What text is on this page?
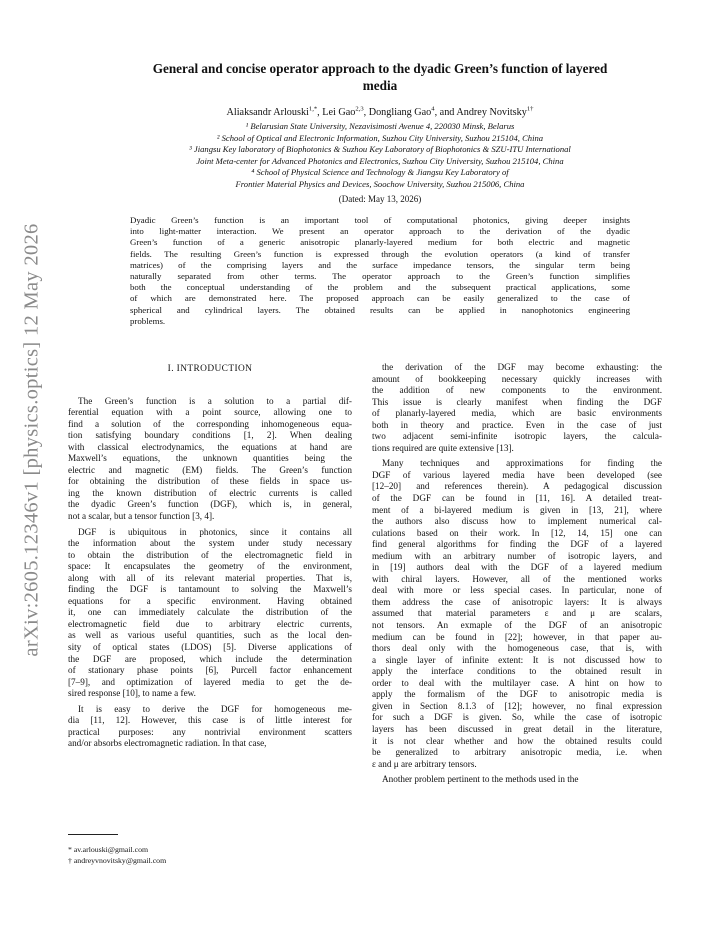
arXiv:2605.12346v1 [physics.optics] 12 May 2026
General and concise operator approach to the dyadic Green’s function of layered
media
Aliaksandr Arlouski$^{1,*}$, Lei Gao$^{2,3}$, Dongliang Gao$^4$, and Andrey Novitsky$^{1\dagger}$

¹ Belarusian State University, Nezavisimosti Avenue 4, 220030 Minsk, Belarus

² School of Optical and Electronic Information, Suzhou City University, Suzhou 215104, China

³ Jiangsu Key laboratory of Biophotonics & Suzhou Key Laboratory of Biophotonics & SZU-ITU International

Joint Meta-center for Advanced Photonics and Electronics, Suzhou City University, Suzhou 215104, China

⁴ School of Physical Science and Technology & Jiangsu Key Laboratory of

Frontier Material Physics and Devices, Soochow University, Suzhou 215006, China

(Dated: May 13, 2026)
Dyadic Green’s function is an important tool of computational photonics, giving deeper insights
into light-matter interaction. We present an operator approach to the derivation of the dyadic
Green’s function of a generic anisotropic planarly-layered medium for both electric and magnetic
fields. The resulting Green’s function is expressed through the evolution operators (a kind of transfer
matrices) of the comprising layers and the surface impedance tensors, the singular term being
naturally separated from other terms. The operator approach to the Green’s function simplifies
both the conceptual understanding of the problem and the subsequent practical applications, some
of which are demonstrated here. The proposed approach can be easily generalized to the case of
spherical and cylindrical layers. The obtained results can be applied in nanophotonics engineering
problems.
I. INTRODUCTION
The Green’s function is a solution to a partial dif-
ferential equation with a point source, allowing one to
find a solution of the corresponding inhomogeneous equa-
tion satisfying boundary conditions [1, 2]. When dealing
with classical electrodynamics, the equations at hand are
Maxwell’s equations, the unknown quantities being the
electric and magnetic (EM) fields. The Green’s function
for obtaining the distribution of these fields in space us-
ing the known distribution of electric currents is called
the dyadic Green’s function (DGF), which is, in general,
not a scalar, but a tensor function [3, 4].
DGF is ubiquitous in photonics, since it contains all
the information about the system under study necessary
to obtain the distribution of the electromagnetic field in
space: It encapsulates the geometry of the environment,
along with all of its relevant material properties. That is,
finding the DGF is tantamount to solving the Maxwell’s
equations for a specific environment. Having obtained
it, one can immediately calculate the distribution of the
electromagnetic field due to arbitrary electric currents,
as well as various useful quantities, such as the local den-
sity of optical states (LDOS) [5]. Diverse applications of
the DGF are proposed, which include the determination
of stationary phase points [6], Purcell factor enhancement
[7–9], and optimization of layered media to get the de-
sired response [10], to name a few.
It is easy to derive the DGF for homogeneous me-
dia [11, 12]. However, this case is of little interest for
practical purposes: any nontrivial environment scatters
and/or absorbs electromagnetic radiation. In that case,
the derivation of the DGF may become exhausting: the
amount of bookkeeping necessary quickly increases with
the addition of new components to the environment.
This issue is clearly manifest when finding the DGF
of planarly-layered media, which are basic environments
both in theory and practice. Even in the case of just
two adjacent semi-infinite isotropic layers, the calcula-
tions required are quite extensive [13].
Many techniques and approximations for finding the
DGF of various layered media have been developed (see
[12–20] and references therein). A pedagogical discussion
of the DGF can be found in [11, 16]. A detailed treat-
ment of a bi-layered medium is given in [13, 21], where
the authors also discuss how to implement numerical cal-
culations based on their work. In [12, 14, 15] one can
find general algorithms for finding the DGF of a layered
medium with an arbitrary number of isotropic layers, and
in [19] authors deal with the DGF of a layered medium
with chiral layers. However, all of the mentioned works
deal with more or less special cases. In particular, none of
them address the case of anisotropic layers: It is always
assumed that material parameters ε and μ are scalars,
not tensors. An exmaple of the DGF of an anisotropic
medium can be found in [22]; however, in that paper au-
thors deal only with the homogeneous case, that is, with
a single layer of infinite extent: It is not discussed how to
apply the interface conditions to the obtained result in
order to deal with the multilayer case. A hint on how to
apply the formalism of the DGF to anisotropic media is
given in Section 8.1.3 of [12]; however, no final expression
for such a DGF is given. So, while the case of isotropic
layers has been discussed in great detail in the literature,
it is not clear whether and how the obtained results could
be generalized to arbitrary anisotropic media, i.e. when
ε and μ are arbitrary tensors.
Another problem pertinent to the methods used in the

* av.arlouski@gmail.com

† andreyvnovitsky@gmail.com
